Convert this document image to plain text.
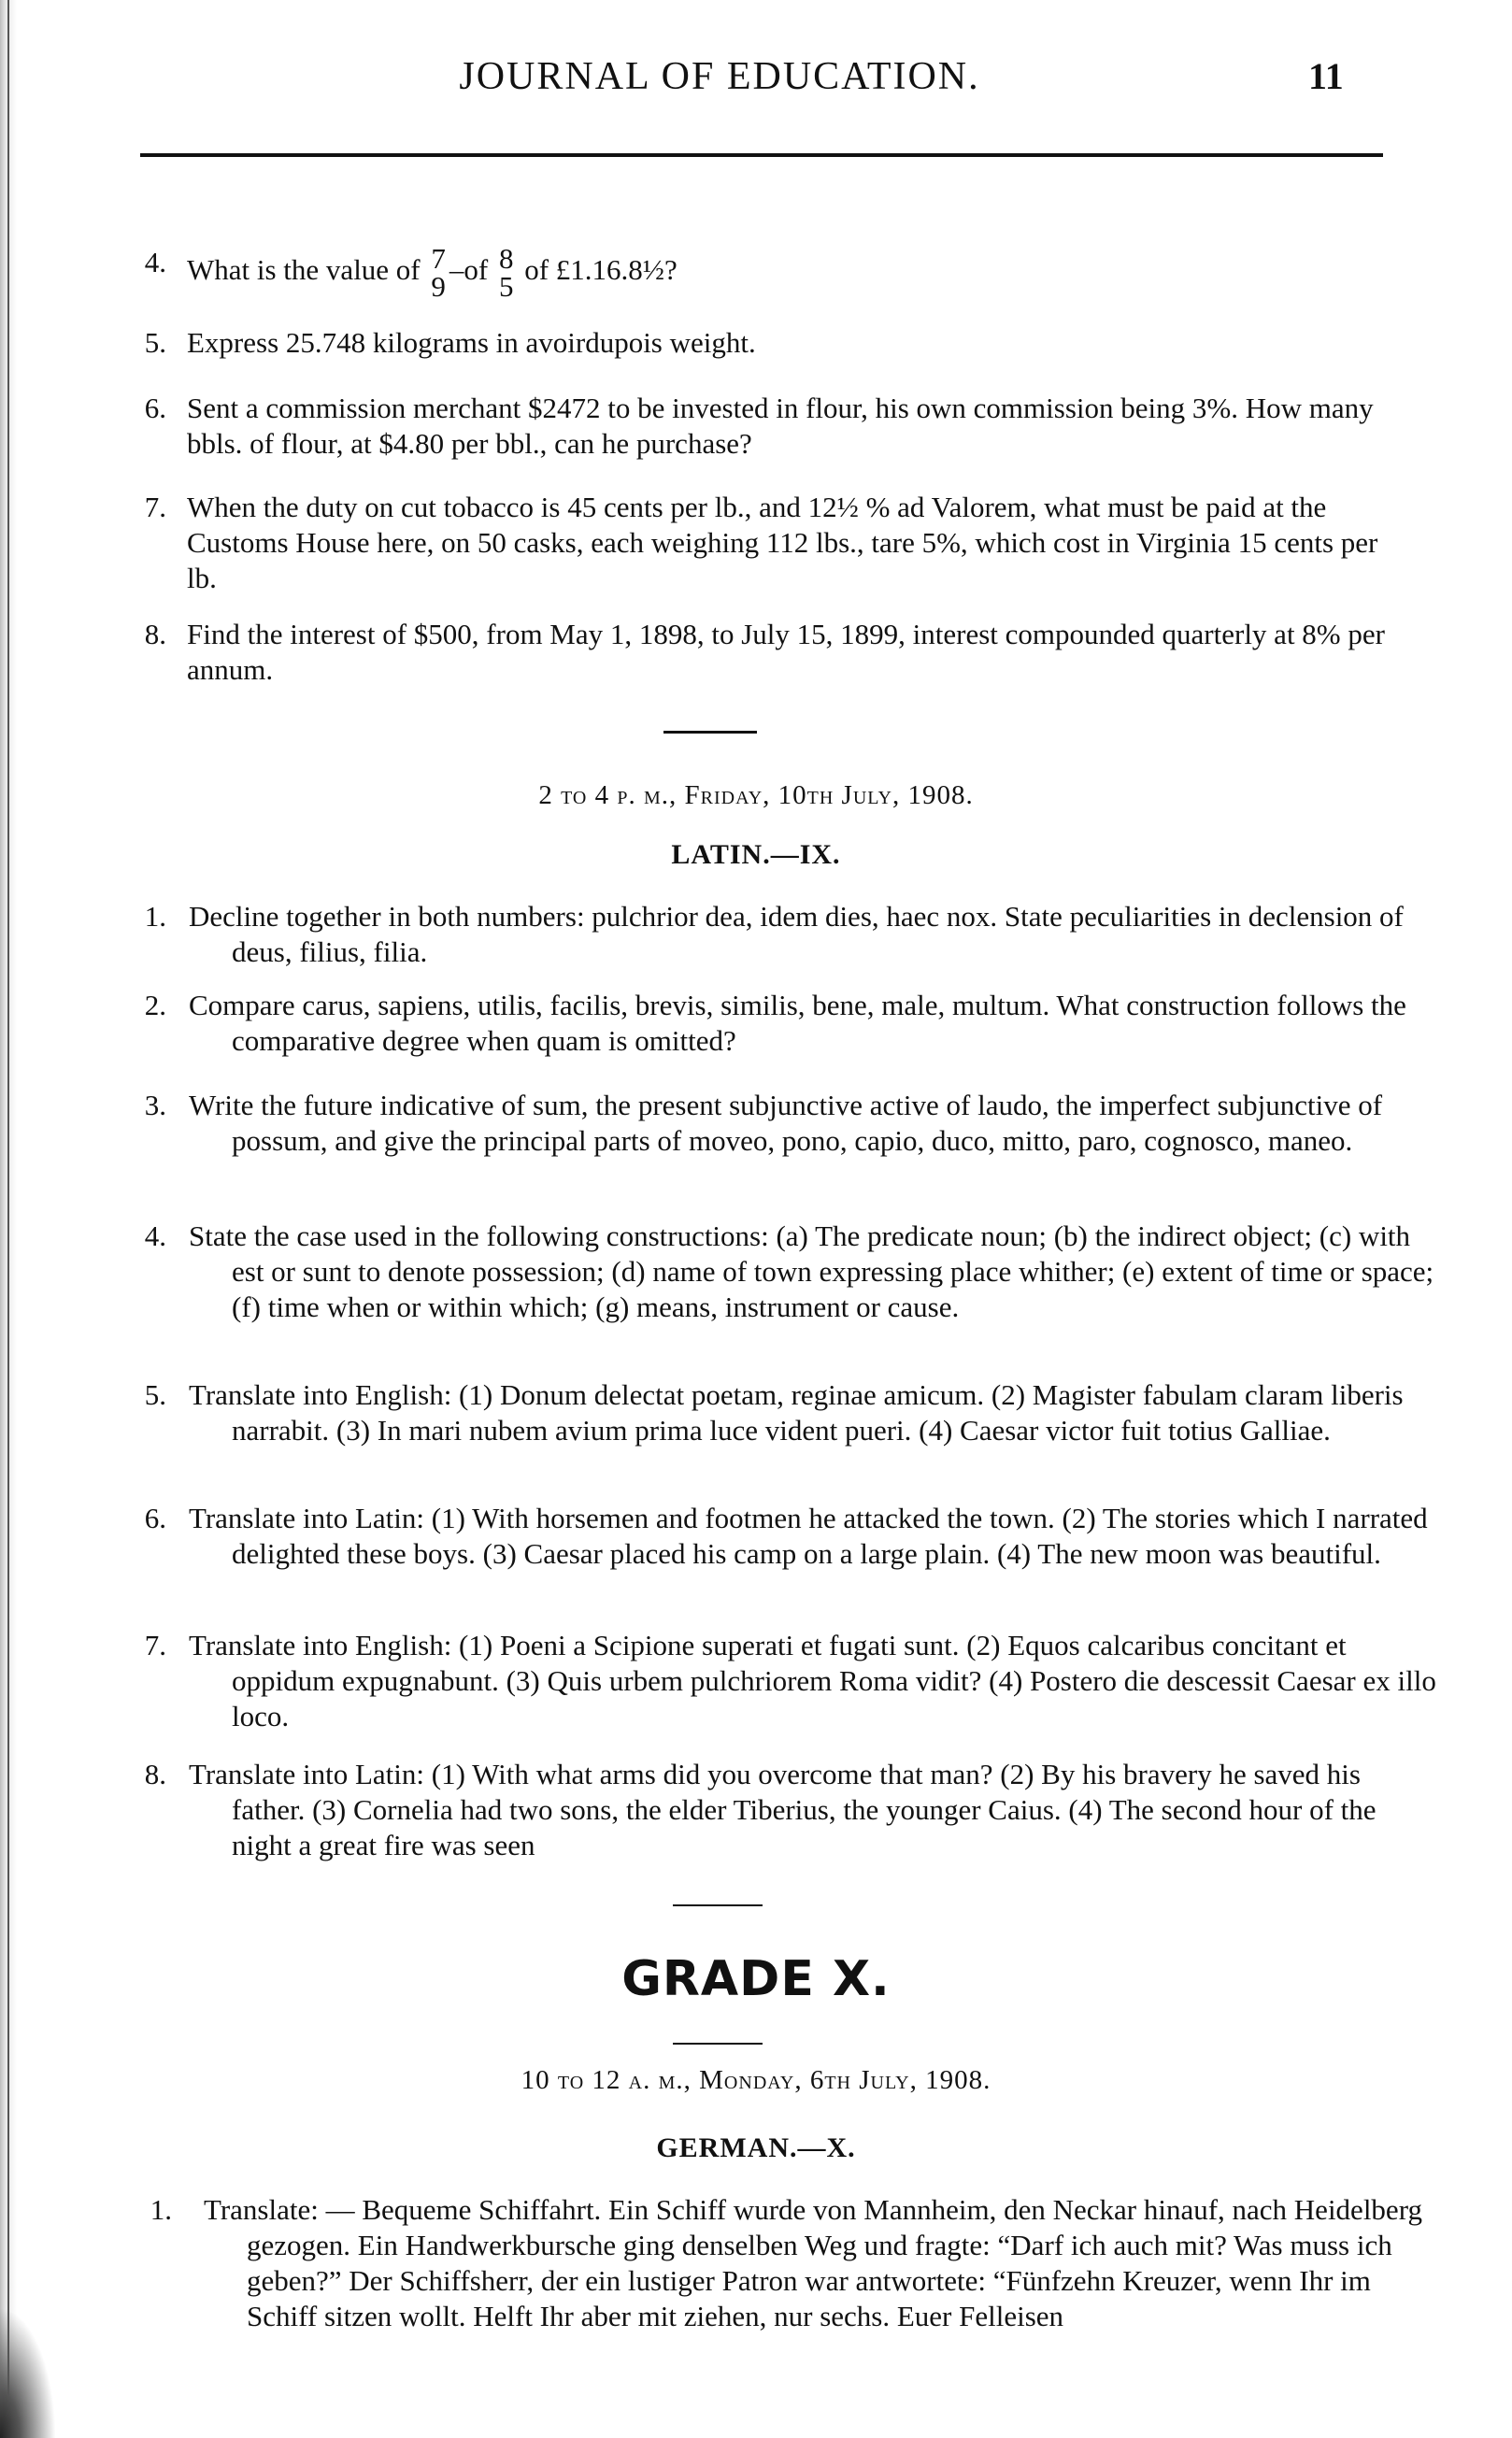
JOURNAL OF EDUCATION.	11
4. What is the value of 7
9
–of 8
5
of £1.16.8½?
5. Express 25.748 kilograms in avoirdupois weight.
6. Sent a commission merchant $2472 to be invested in flour, his own commission being 3%. How many bbls. of flour, at $4.80 per bbl., can he purchase?
7. When the duty on cut tobacco is 45 cents per lb., and 12½ % ad Valorem, what must be paid at the Customs House here, on 50 casks, each weighing 112 lbs., tare 5%, which cost in Virginia 15 cents per lb.
8. Find the interest of $500, from May 1, 1898, to July 15, 1899, interest compounded quarterly at 8% per annum.
2 to 4 p. m., Friday, 10th July, 1908.
LATIN.—IX.
1. Decline together in both numbers: pulchrior dea, idem dies, haec nox. State peculiarities in declension of deus, filius, filia.
2. Compare carus, sapiens, utilis, facilis, brevis, similis, bene, male, multum. What construction follows the comparative degree when quam is omitted?
3. Write the future indicative of sum, the present subjunctive active of laudo, the imperfect subjunctive of possum, and give the principal parts of moveo, pono, capio, duco, mitto, paro, cognosco, maneo.
4. State the case used in the following constructions: (a) The predicate noun; (b) the indirect object; (c) with est or sunt to denote possession; (d) name of town expressing place whither; (e) extent of time or space; (f) time when or within which; (g) means, instrument or cause.
5. Translate into English: (1) Donum delectat poetam, reginae amicum. (2) Magister fabulam claram liberis narrabit. (3) In mari nubem avium prima luce vident pueri. (4) Caesar victor fuit totius Galliae.
6. Translate into Latin: (1) With horsemen and footmen he attacked the town. (2) The stories which I narrated delighted these boys. (3) Caesar placed his camp on a large plain. (4) The new moon was beautiful.
7. Translate into English: (1) Poeni a Scipione superati et fugati sunt. (2) Equos calcaribus concitant et oppidum expugnabunt. (3) Quis urbem pulchriorem Roma vidit? (4) Postero die descessit Caesar ex illo loco.
8. Translate into Latin: (1) With what arms did you overcome that man? (2) By his bravery he saved his father. (3) Cornelia had two sons, the elder Tiberius, the younger Caius. (4) The second hour of the night a great fire was seen
GRADE X.
10 to 12 a. m., Monday, 6th July, 1908.
GERMAN.—X.
1. Translate: — Bequeme Schiffahrt. Ein Schiff wurde von Mannheim, den Neckar hinauf, nach Heidelberg gezogen. Ein Handwerkbursche ging denselben Weg und fragte: “Darf ich auch mit? Was muss ich geben?” Der Schiffsherr, der ein lustiger Patron war antwortete: “Fünfzehn Kreuzer, wenn Ihr im Schiff sitzen wollt. Helft Ihr aber mit ziehen, nur sechs. Euer Felleisen
